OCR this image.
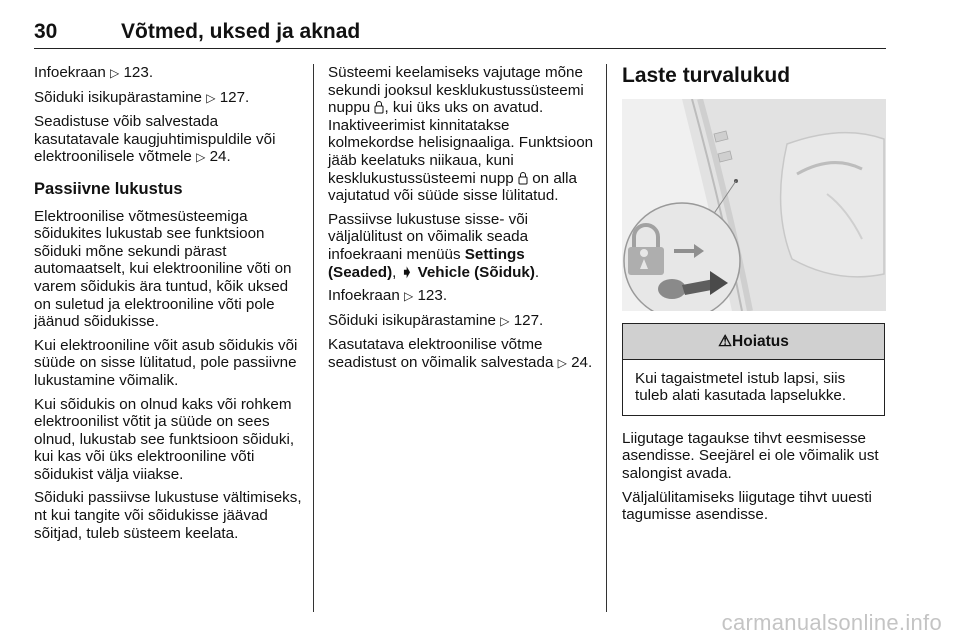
30	Võtmed, uksed ja aknad

Infoekraan ▷ 123.

Sõiduki isikupärastamine ▷ 127.

Seadistuse võib salvestada kasutatavale kaugjuhtimispuldile või elektroonilisele võtmele ▷ 24.

Passiivne lukustus

Elektroonilise võtmesüsteemiga sõidukites lukustab see funktsioon sõiduki mõne sekundi pärast automaatselt, kui elektrooniline võti on varem sõidukis ära tuntud, kõik uksed on suletud ja elektrooniline võti pole jäänud sõidukisse.

Kui elektrooniline võit asub sõidukis või süüde on sisse lülitatud, pole passiivne lukustamine võimalik.

Kui sõidukis on olnud kaks või rohkem elektroonilist võtit ja süüde on sees olnud, lukustab see funktsioon sõiduki, kui kas või üks elektrooniline võti sõidukist välja viiakse.

Sõiduki passiivse lukustuse vältimiseks, nt kui tangite või sõidukisse jäävad sõitjad, tuleb süsteem keelata.

Süsteemi keelamiseks vajutage mõne sekundi jooksul kesklukustussüsteemi nuppu , kui üks uks on avatud. Inaktiveerimist kinnitatakse kolmekordse helisignaaliga. Funktsioon jääb keelatuks niikaua, kuni kesklukustussüsteemi nupp on alla vajutatud või süüde sisse lülitatud.

Passiivse lukustuse sisse- või väljalülitust on võimalik seada infoekraani menüüs Settings (Seaded), ➧ Vehicle (Sõiduk).

Infoekraan ▷ 123.

Sõiduki isikupärastamine ▷ 127.

Kasutatava elektroonilise võtme seadistust on võimalik salvestada ▷ 24.

Laste turvalukud
⚠Hoiatus
Kui tagaistmetel istub lapsi, siis tuleb alati kasutada lapselukke.

Liigutage tagaukse tihvt eesmisesse asendisse. Seejärel ei ole võimalik ust salongist avada.

Väljalülitamiseks liigutage tihvt uuesti tagumisse asendisse.

carmanualsonline.info
